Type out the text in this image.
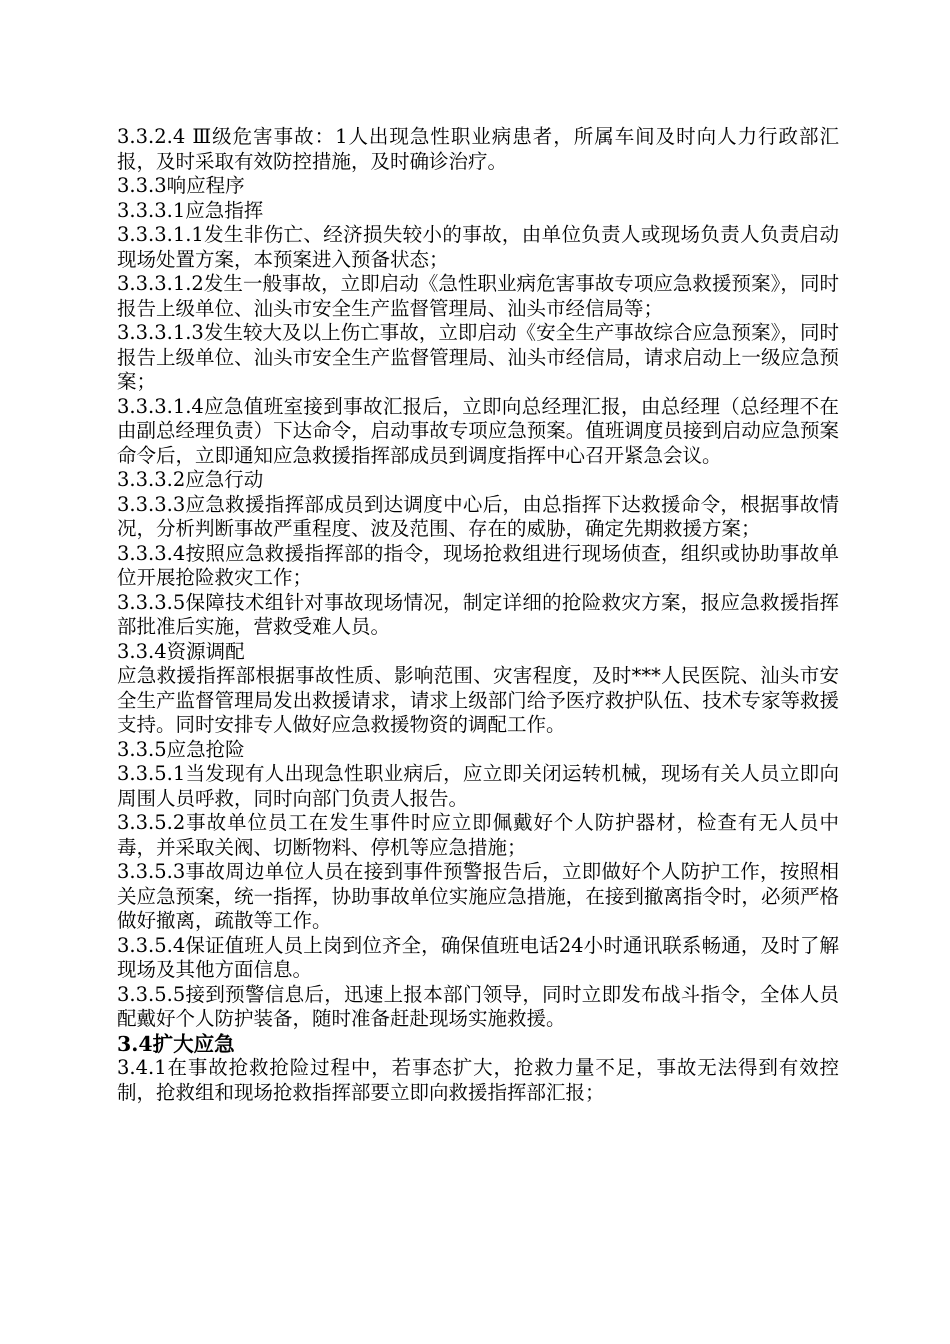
3.3.2.4 Ⅲ级危害事故：1人出现急性职业病患者，所属车间及时向人力行政部汇报，及时采取有效防控措施，及时确诊治疗。

3.3.3响应程序

3.3.3.1应急指挥

3.3.3.1.1发生非伤亡、经济损失较小的事故，由单位负责人或现场负责人负责启动现场处置方案，本预案进入预备状态；

3.3.3.1.2发生一般事故，立即启动《急性职业病危害事故专项应急救援预案》，同时报告上级单位、汕头市安全生产监督管理局、汕头市经信局等；

3.3.3.1.3发生较大及以上伤亡事故，立即启动《安全生产事故综合应急预案》，同时报告上级单位、汕头市安全生产监督管理局、汕头市经信局，请求启动上一级应急预案；

3.3.3.1.4应急值班室接到事故汇报后，立即向总经理汇报，由总经理（总经理不在由副总经理负责）下达命令，启动事故专项应急预案。值班调度员接到启动应急预案命令后，立即通知应急救援指挥部成员到调度指挥中心召开紧急会议。

3.3.3.2应急行动

3.3.3.3应急救援指挥部成员到达调度中心后，由总指挥下达救援命令，根据事故情况，分析判断事故严重程度、波及范围、存在的威胁，确定先期救援方案；

3.3.3.4按照应急救援指挥部的指令，现场抢救组进行现场侦查，组织或协助事故单位开展抢险救灾工作；

3.3.3.5保障技术组针对事故现场情况，制定详细的抢险救灾方案，报应急救援指挥部批准后实施，营救受难人员。

3.3.4资源调配

应急救援指挥部根据事故性质、影响范围、灾害程度，及时***人民医院、汕头市安全生产监督管理局发出救援请求，请求上级部门给予医疗救护队伍、技术专家等救援支持。同时安排专人做好应急救援物资的调配工作。

3.3.5应急抢险

3.3.5.1当发现有人出现急性职业病后，应立即关闭运转机械，现场有关人员立即向周围人员呼救，同时向部门负责人报告。

3.3.5.2事故单位员工在发生事件时应立即佩戴好个人防护器材，检查有无人员中毒，并采取关阀、切断物料、停机等应急措施；

3.3.5.3事故周边单位人员在接到事件预警报告后，立即做好个人防护工作，按照相关应急预案，统一指挥，协助事故单位实施应急措施，在接到撤离指令时，必须严格做好撤离，疏散等工作。

3.3.5.4保证值班人员上岗到位齐全，确保值班电话24小时通讯联系畅通，及时了解现场及其他方面信息。

3.3.5.5接到预警信息后，迅速上报本部门领导，同时立即发布战斗指令，全体人员配戴好个人防护装备，随时准备赶赴现场实施救援。

3.4扩大应急

3.4.1在事故抢救抢险过程中，若事态扩大，抢救力量不足，事故无法得到有效控制，抢救组和现场抢救指挥部要立即向救援指挥部汇报；
